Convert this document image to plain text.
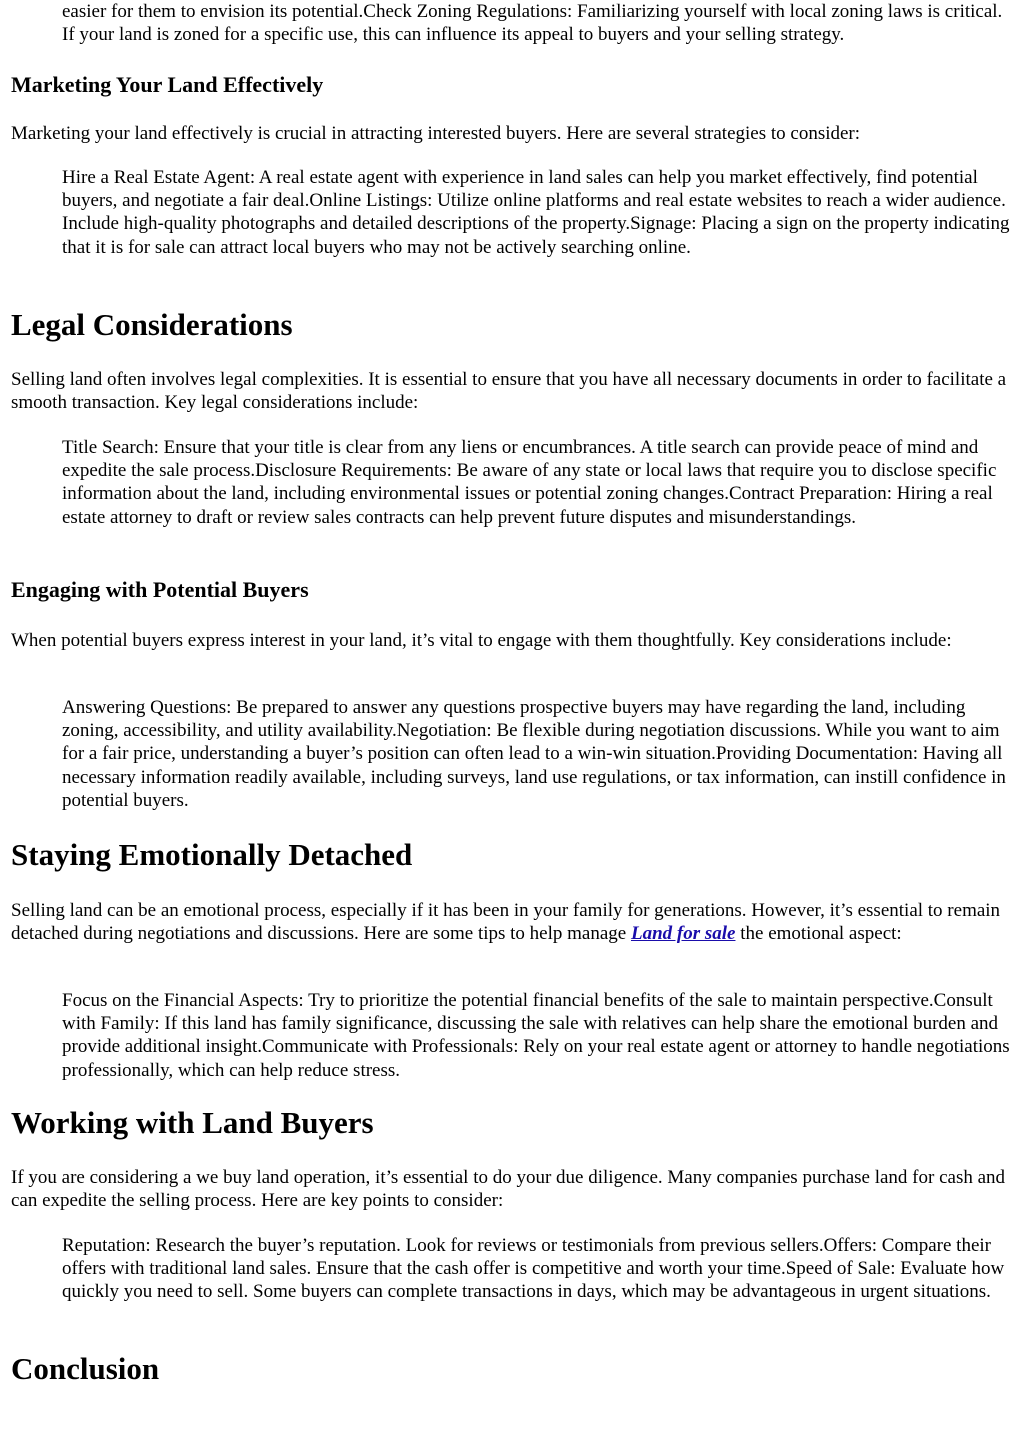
easier for them to envision its potential.Check Zoning Regulations: Familiarizing yourself with local zoning laws is critical. If your land is zoned for a specific use, this can influence its appeal to buyers and your selling strategy.
Marketing Your Land Effectively

Marketing your land effectively is crucial in attracting interested buyers. Here are several strategies to consider:

Hire a Real Estate Agent: A real estate agent with experience in land sales can help you market effectively, find potential buyers, and negotiate a fair deal.Online Listings: Utilize online platforms and real estate websites to reach a wider audience. Include high-quality photographs and detailed descriptions of the property.Signage: Placing a sign on the property indicating that it is for sale can attract local buyers who may not be actively searching online.
Legal Considerations

Selling land often involves legal complexities. It is essential to ensure that you have all necessary documents in order to facilitate a smooth transaction. Key legal considerations include:

Title Search: Ensure that your title is clear from any liens or encumbrances. A title search can provide peace of mind and expedite the sale process.Disclosure Requirements: Be aware of any state or local laws that require you to disclose specific information about the land, including environmental issues or potential zoning changes.Contract Preparation: Hiring a real estate attorney to draft or review sales contracts can help prevent future disputes and misunderstandings.
Engaging with Potential Buyers

When potential buyers express interest in your land, it’s vital to engage with them thoughtfully. Key considerations include:

Answering Questions: Be prepared to answer any questions prospective buyers may have regarding the land, including zoning, accessibility, and utility availability.Negotiation: Be flexible during negotiation discussions. While you want to aim for a fair price, understanding a buyer’s position can often lead to a win-win situation.Providing Documentation: Having all necessary information readily available, including surveys, land use regulations, or tax information, can instill confidence in potential buyers.
Staying Emotionally Detached

Selling land can be an emotional process, especially if it has been in your family for generations. However, it’s essential to remain detached during negotiations and discussions. Here are some tips to help manage Land for sale the emotional aspect:

Focus on the Financial Aspects: Try to prioritize the potential financial benefits of the sale to maintain perspective.Consult with Family: If this land has family significance, discussing the sale with relatives can help share the emotional burden and provide additional insight.Communicate with Professionals: Rely on your real estate agent or attorney to handle negotiations professionally, which can help reduce stress.
Working with Land Buyers

If you are considering a we buy land operation, it’s essential to do your due diligence. Many companies purchase land for cash and can expedite the selling process. Here are key points to consider:

Reputation: Research the buyer’s reputation. Look for reviews or testimonials from previous sellers.Offers: Compare their offers with traditional land sales. Ensure that the cash offer is competitive and worth your time.Speed of Sale: Evaluate how quickly you need to sell. Some buyers can complete transactions in days, which may be advantageous in urgent situations.
Conclusion
